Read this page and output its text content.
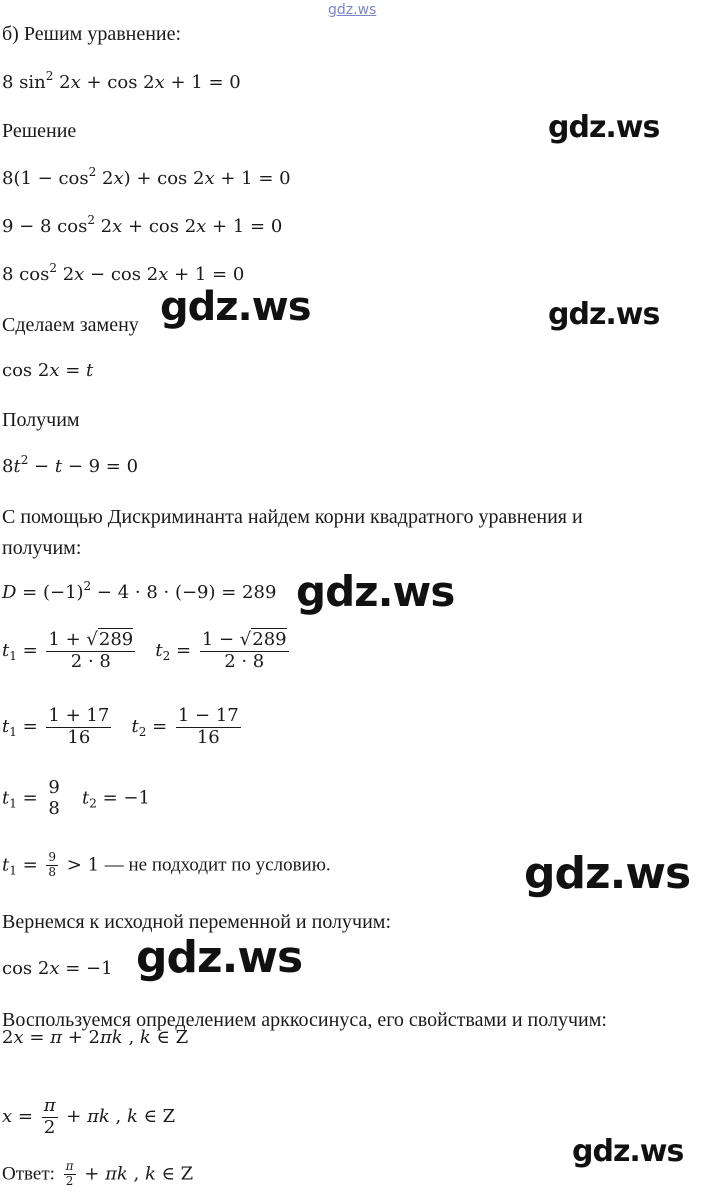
gdz.ws
б) Решим уравнение:
8 $\sin^2 2x + \cos 2x + 1 = 0$
Решение
$8(1 - \cos^2 2x) + \cos 2x + 1 = 0$
9 − 8 $\cos^2 2x + \cos 2x + 1 = 0$
8 $\cos^2 2x - \cos 2x + 1 = 0$
Сделаем замену
cos 2x = t
Получим
$8t^2 - t - 9 = 0$
С помощью Дискриминанта найдем корни квадратного уравнения и
получим:
$D = (-1)^2 - 4 \cdot 8 \cdot (-9) = 289$
$t_1 = \frac{1 + √289}{2 \cdot 8} t_2 = \frac{1 - √289}{2 \cdot 8}$
$t_1 = \frac{1 + 17}{16} t_2 = \frac{1 - 17}{16}$
$t_1$ =
9
8 $t_2 = -1$
$t_1 = \frac{9}{8} > 1$ — не подходит по условию.
Вернемся к исходной переменной и получим:
cos 2x = −1
Воспользуемся определением арккосинуса, его свойствами и получим:
2x = π + 2πk , k ∈ Z
$x = \frac{\pi}{2} + \pi k$ , k ∈ Z
Ответ: $\frac{\pi}{2} + \pi k$ , k ∈ Z
gdz.ws
gdz.ws	gdz.ws
gdz.ws
gdz.ws
gdz.ws
gdz.ws
